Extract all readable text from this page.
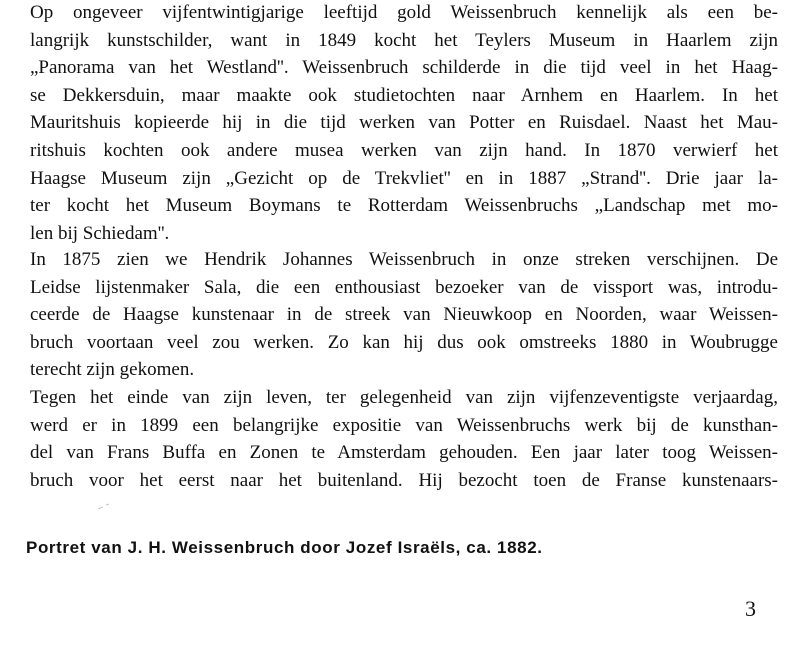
Op ongeveer vijfentwintigjarige leeftijd gold Weissenbruch kennelijk als een be-
langrijk kunstschilder, want in 1849 kocht het Teylers Museum in Haarlem zijn
„Panorama van het Westland''. Weissenbruch schilderde in die tijd veel in het Haag-
se Dekkersduin, maar maakte ook studietochten naar Arnhem en Haarlem. In het
Mauritshuis kopieerde hij in die tijd werken van Potter en Ruisdael. Naast het Mau-
ritshuis kochten ook andere musea werken van zijn hand. In 1870 verwierf het
Haagse Museum zijn „Gezicht op de Trekvliet'' en in 1887 „Strand''. Drie jaar la-
ter kocht het Museum Boymans te Rotterdam Weissenbruchs „Landschap met mo-
len bij Schiedam''.
In 1875 zien we Hendrik Johannes Weissenbruch in onze streken verschijnen. De
Leidse lijstenmaker Sala, die een enthousiast bezoeker van de vissport was, introdu-
ceerde de Haagse kunstenaar in de streek van Nieuwkoop en Noorden, waar Weissen-
bruch voortaan veel zou werken. Zo kan hij dus ook omstreeks 1880 in Woubrugge
terecht zijn gekomen.
Tegen het einde van zijn leven, ter gelegenheid van zijn vijfenzeventigste verjaardag,
werd er in 1899 een belangrijke expositie van Weissenbruchs werk bij de kunsthan-
del van Frans Buffa en Zonen te Amsterdam gehouden. Een jaar later toog Weissen-
bruch voor het eerst naar het buitenland. Hij bezocht toen de Franse kunstenaars-

Portret van J. H. Weissenbruch door Jozef Israëls, ca. 1882.

3
